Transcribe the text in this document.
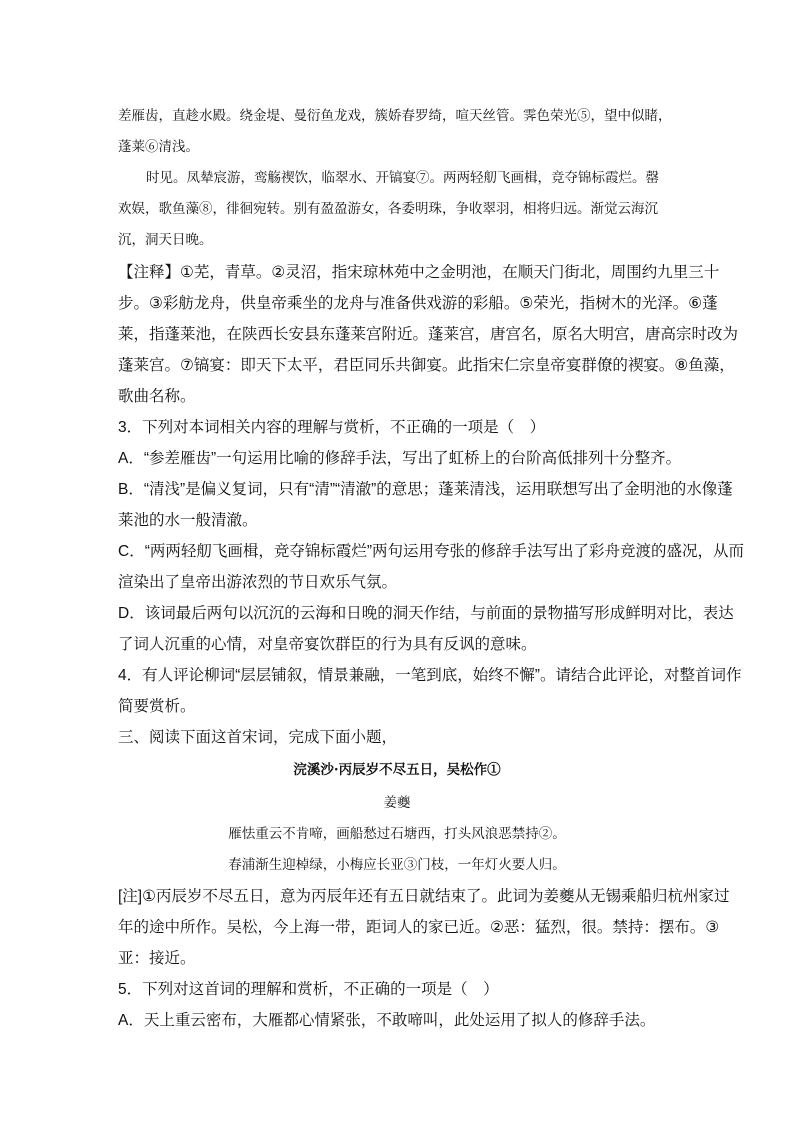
差雁齿，直趁水殿。绕金堤、曼衍鱼龙戏，簇娇春罗绮，喧天丝管。霁色荣光⑤，望中似睹，
蓬莱⑥清浅。
时见。凤辇宸游，鸾觞禊饮，临翠水、开镐宴⑦。两两轻舠飞画楫，竞夺锦标霞烂。罄
欢娱，歌鱼藻⑧，徘徊宛转。别有盈盈游女，各委明珠，争收翠羽，相将归远。渐觉云海沉
沉，洞天日晚。
【注释】①芜，青草。②灵沼，指宋琼林苑中之金明池，在顺天门街北，周围约九里三十
步。③彩舫龙舟，供皇帝乘坐的龙舟与准备供戏游的彩船。⑤荣光，指树木的光泽。⑥蓬
莱，指蓬莱池，在陕西长安县东蓬莱宫附近。蓬莱宫，唐宫名，原名大明宫，唐高宗时改为
蓬莱宫。⑦镐宴：即天下太平，君臣同乐共御宴。此指宋仁宗皇帝宴群僚的禊宴。⑧鱼藻，
歌曲名称。
3．下列对本词相关内容的理解与赏析，不正确的一项是（　）
A．“参差雁齿”一句运用比喻的修辞手法，写出了虹桥上的台阶高低排列十分整齐。
B．“清浅”是偏义复词，只有“清”“清澈”的意思；蓬莱清浅，运用联想写出了金明池的水像蓬
莱池的水一般清澈。
C．“两两轻舠飞画楫，竞夺锦标霞烂”两句运用夸张的修辞手法写出了彩舟竞渡的盛况，从而
渲染出了皇帝出游浓烈的节日欢乐气氛。
D．该词最后两句以沉沉的云海和日晚的洞天作结，与前面的景物描写形成鲜明对比，表达
了词人沉重的心情，对皇帝宴饮群臣的行为具有反讽的意味。
4．有人评论柳词“层层铺叙，情景兼融，一笔到底，始终不懈”。请结合此评论，对整首词作
简要赏析。
三、阅读下面这首宋词，完成下面小题，
浣溪沙·丙辰岁不尽五日，吴松作①
姜夔
雁怯重云不肯啼，画船愁过石塘西，打头风浪恶禁持②。
春浦渐生迎棹绿，小梅应长亚③门枝，一年灯火要人归。
[注]①丙辰岁不尽五日，意为丙辰年还有五日就结束了。此词为姜夔从无锡乘船归杭州家过
年的途中所作。吴松，今上海一带，距词人的家已近。②恶：猛烈，很。禁持：摆布。③
亚：接近。
5．下列对这首词的理解和赏析，不正确的一项是（　）
A．天上重云密布，大雁都心情紧张，不敢啼叫，此处运用了拟人的修辞手法。
